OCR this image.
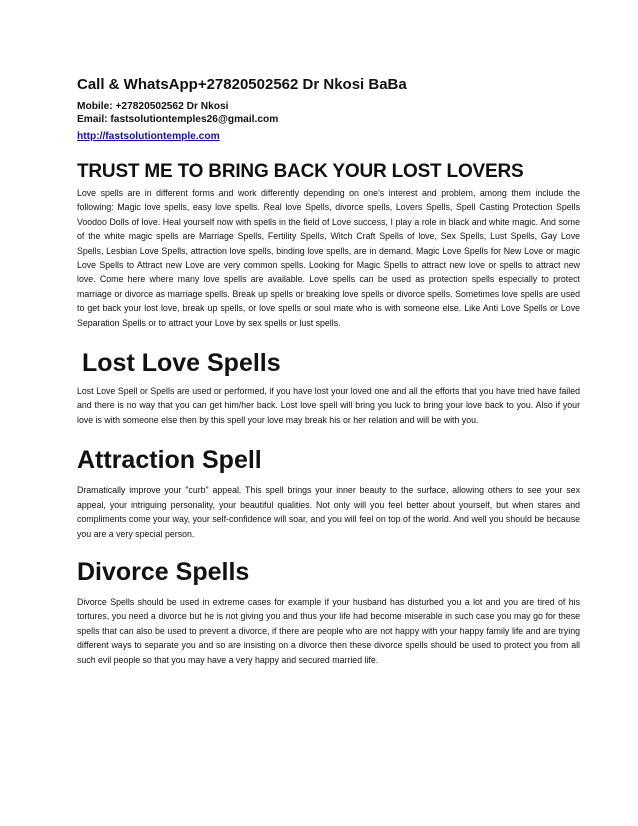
Call & WhatsApp+27820502562 Dr Nkosi BaBa

Mobile: +27820502562 Dr Nkosi

Email: fastsolutiontemples26@gmail.com

http://fastsolutiontemple.com
TRUST ME TO BRING BACK YOUR LOST LOVERS

Love spells are in different forms and work differently depending on one's interest and problem, among them include the following: Magic love spells, easy love spells. Real love Spells, divorce spells, Lovers Spells, Spell Casting Protection Spells Voodoo Dolls of love. Heal yourself now with spells in the field of Love success, I play a role in black and white magic. And some of the white magic spells are Marriage Spells, Fertility Spells, Witch Craft Spells of love, Sex Spells, Lust Spells, Gay Love Spells, Lesbian Love Spells, attraction love spells, binding love spells, are in demand. Magic Love Spells for New Love or magic Love Spells to Attract new Love are very common spells. Looking for Magic Spells to attract new love or spells to attract new love. Come here where many love spells are available. Love spells can be used as protection spells especially to protect marriage or divorce as marriage spells. Break up spells or breaking love spells or divorce spells. Sometimes love spells are used to get back your lost love, break up spells, or love spells or soul mate who is with someone else. Like Anti Love Spells or Love Separation Spells or to attract your Love by sex spells or lust spells.

Lost Love Spells

Lost Love Spell or Spells are used or performed, if you have lost your loved one and all the efforts that you have tried have failed and there is no way that you can get him/her back. Lost love spell will bring you luck to bring your love back to you. Also if your love is with someone else then by this spell your love may break his or her relation and will be with you.

Attraction Spell

Dramatically improve your "curb" appeal. This spell brings your inner beauty to the surface, allowing others to see your sex appeal, your intriguing personality, your beautiful qualities. Not only will you feel better about yourself, but when stares and compliments come your way, your self-confidence will soar, and you will feel on top of the world. And well you should be because you are a very special person.

Divorce Spells

Divorce Spells should be used in extreme cases for example if your husband has disturbed you a lot and you are tired of his tortures, you need a divorce but he is not giving you and thus your life had become miserable in such case you may go for these spells that can also be used to prevent a divorce, if there are people who are not happy with your happy family life and are trying different ways to separate you and so are insisting on a divorce then these divorce spells should be used to protect you from all such evil people so that you may have a very happy and secured married life.
